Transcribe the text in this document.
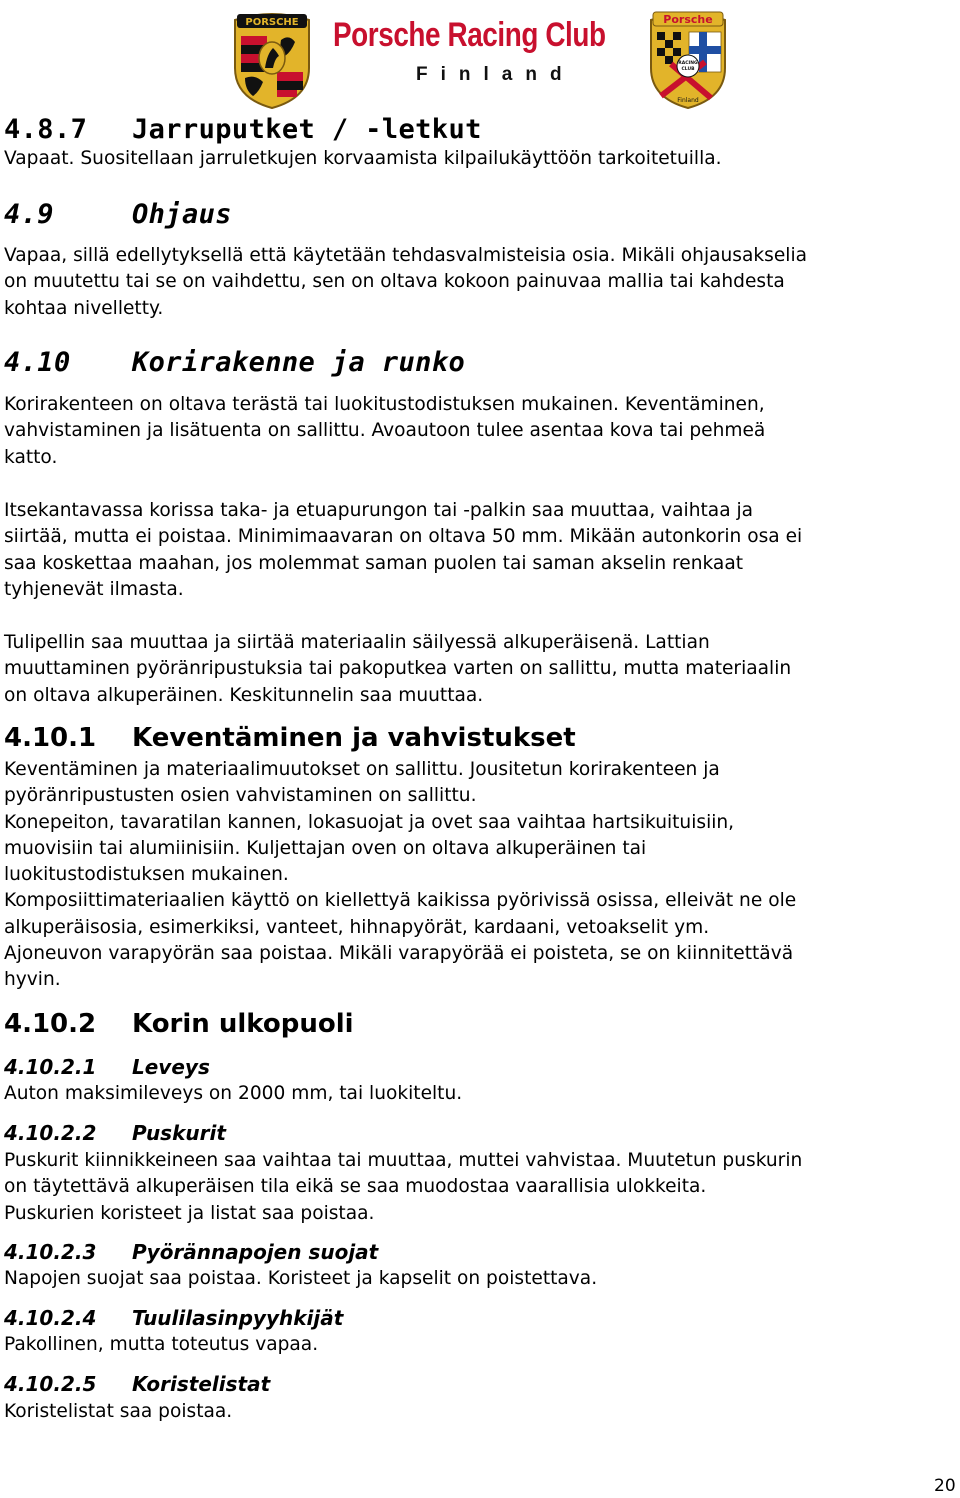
PORSCHE Porsche Racing Club
Finland
Porsche
RACING
CLUB
Finland
4.8.7 Jarruputket / -letkut
Vapaat. Suositellaan jarruletkujen korvaamista kilpailukäyttöön tarkoitetuilla.
4.9	Ohjaus
Vapaa, sillä edellytyksellä että käytetään tehdasvalmisteisia osia. Mikäli ohjausakselia
on muutettu tai se on vaihdettu, sen on oltava kokoon painuvaa mallia tai kahdesta
kohtaa nivelletty.
4.10 Korirakenne ja runko
Korirakenteen on oltava terästä tai luokitustodistuksen mukainen. Keventäminen,
vahvistaminen ja lisätuenta on sallittu. Avoautoon tulee asentaa kova tai pehmeä
katto.
Itsekantavassa korissa taka- ja etuapurungon tai -palkin saa muuttaa, vaihtaa ja
siirtää, mutta ei poistaa. Minimimaavaran on oltava 50 mm. Mikään autonkorin osa ei
saa koskettaa maahan, jos molemmat saman puolen tai saman akselin renkaat
tyhjenevät ilmasta.
Tulipellin saa muuttaa ja siirtää materiaalin säilyessä alkuperäisenä. Lattian
muuttaminen pyöränripustuksia tai pakoputkea varten on sallittu, mutta materiaalin
on oltava alkuperäinen. Keskitunnelin saa muuttaa.
4.10.1 Keventäminen ja vahvistukset
Keventäminen ja materiaalimuutokset on sallittu. Jousitetun korirakenteen ja
pyöränripustusten osien vahvistaminen on sallittu.
Konepeiton, tavaratilan kannen, lokasuojat ja ovet saa vaihtaa hartsikuituisiin,
muovisiin tai alumiinisiin. Kuljettajan oven on oltava alkuperäinen tai
luokitustodistuksen mukainen.
Komposiittimateriaalien käyttö on kiellettyä kaikissa pyörivissä osissa, elleivät ne ole
alkuperäisosia, esimerkiksi, vanteet, hihnapyörät, kardaani, vetoakselit ym.
Ajoneuvon varapyörän saa poistaa. Mikäli varapyörää ei poisteta, se on kiinnitettävä
hyvin.
4.10.2 Korin ulkopuoli
4.10.2.1 Leveys
Auton maksimileveys on 2000 mm, tai luokiteltu.
4.10.2.2 Puskurit
Puskurit kiinnikkeineen saa vaihtaa tai muuttaa, muttei vahvistaa. Muutetun puskurin
on täytettävä alkuperäisen tila eikä se saa muodostaa vaarallisia ulokkeita.
Puskurien koristeet ja listat saa poistaa.
4.10.2.3 Pyörännapojen suojat
Napojen suojat saa poistaa. Koristeet ja kapselit on poistettava.
4.10.2.4 Tuulilasinpyyhkijät
Pakollinen, mutta toteutus vapaa.
4.10.2.5 Koristelistat
Koristelistat saa poistaa.
20
